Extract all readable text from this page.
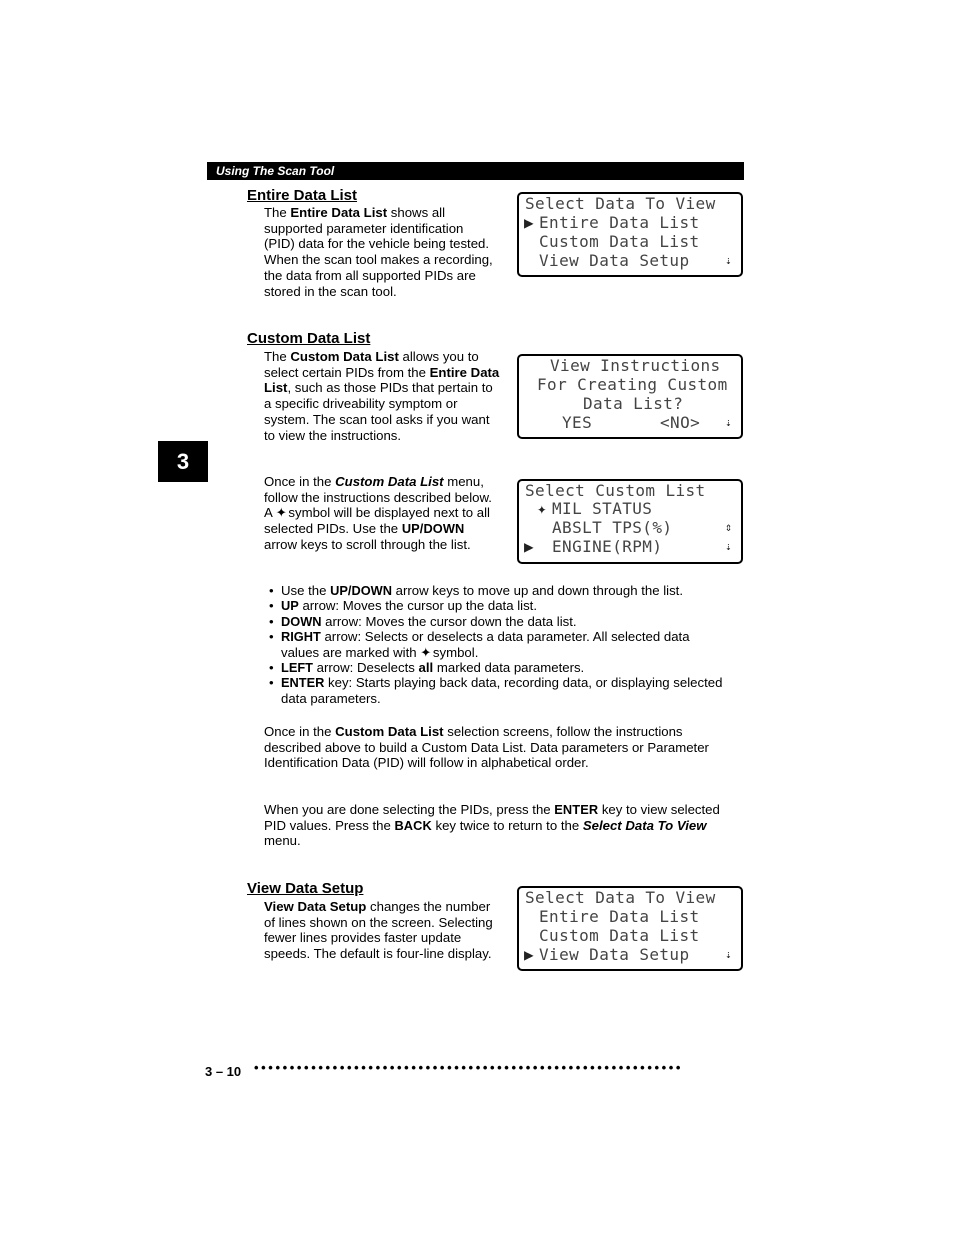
Using The Scan Tool
3
Entire Data List
The Entire Data List shows all
supported parameter identification
(PID) data for the vehicle being tested.
When the scan tool makes a recording,
the data from all supported PIDs are
stored in the scan tool.
Select Data To View
▶ Entire Data List
Custom Data List
View Data Setup	⇣
Custom Data List
The Custom Data List allows you to
select certain PIDs from the Entire Data
List, such as those PIDs that pertain to
a specific driveability symptom or
system. The scan tool asks if you want
to view the instructions.
View Instructions
For Creating Custom
Data List?
YES	<NO> ⇣
Once in the Custom Data List menu,
follow the instructions described below.
A ✦ symbol will be displayed next to all
selected PIDs. Use the UP/DOWN
arrow keys to scroll through the list.
Select Custom List
✦ MIL STATUS
ABSLT TPS(%)	⇕
▶ ENGINE(RPM)	⇣
• Use the UP/DOWN arrow keys to move up and down through the list.
• UP arrow: Moves the cursor up the data list.
• DOWN arrow: Moves the cursor down the data list.
• RIGHT arrow: Selects or deselects a data parameter. All selected data
values are marked with ✦ symbol.
• LEFT arrow: Deselects all marked data parameters.
• ENTER key: Starts playing back data, recording data, or displaying selected
data parameters.
Once in the Custom Data List selection screens, follow the instructions
described above to build a Custom Data List. Data parameters or Parameter
Identification Data (PID) will follow in alphabetical order.
When you are done selecting the PIDs, press the ENTER key to view selected
PID values. Press the BACK key twice to return to the Select Data To View
menu.
View Data Setup
View Data Setup changes the number
of lines shown on the screen. Selecting
fewer lines provides faster update
speeds. The default is four-line display.
Select Data To View
Entire Data List
Custom Data List
▶ View Data Setup	⇣
3 – 10 ••••••••••••••••••••••••••••••••••••••••••••••••••••••••••••
